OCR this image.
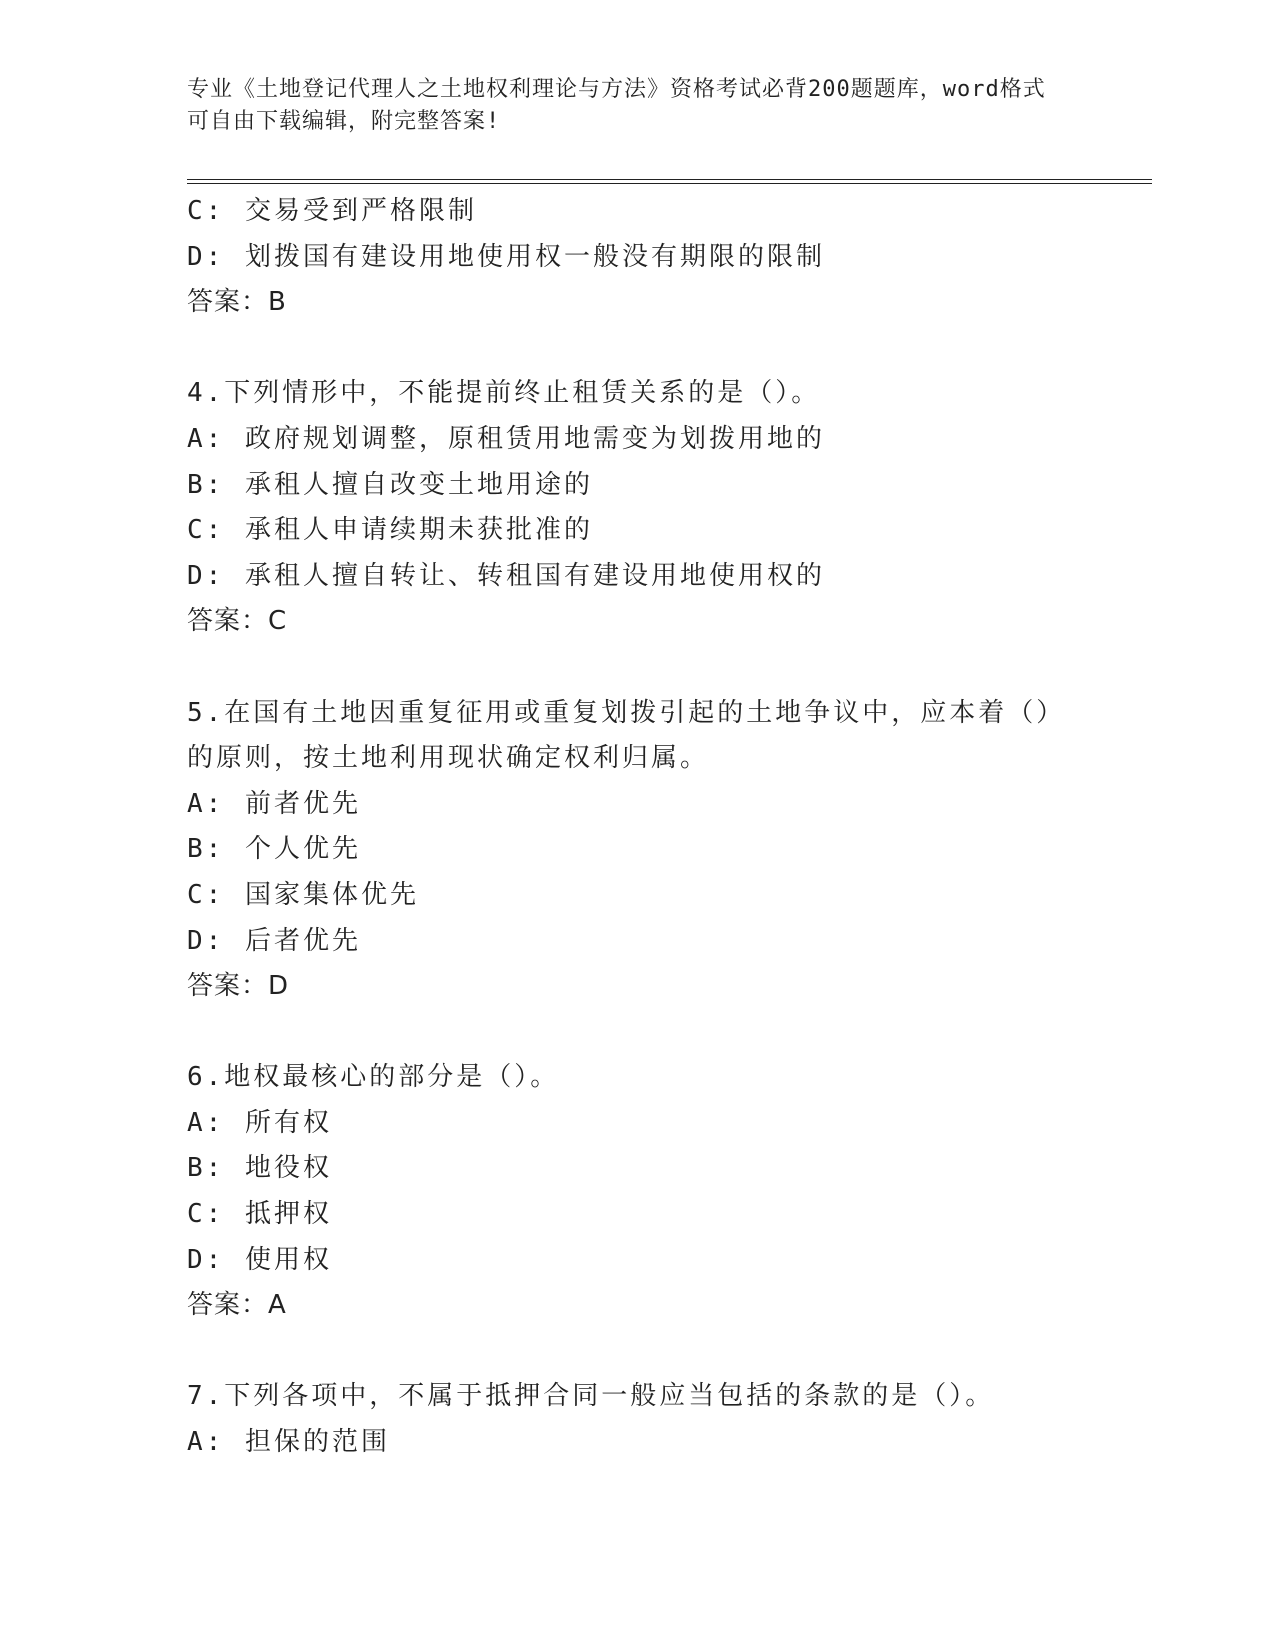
专业《土地登记代理人之土地权利理论与方法》资格考试必背200题题库，word格式可自由下载编辑，附完整答案!
C: 交易受到严格限制
D: 划拨国有建设用地使用权一般没有期限的限制
答案：B
4.下列情形中，不能提前终止租赁关系的是（）。
A: 政府规划调整，原租赁用地需变为划拨用地的
B: 承租人擅自改变土地用途的
C: 承租人申请续期未获批准的
D: 承租人擅自转让、转租国有建设用地使用权的
答案：C
5.在国有土地因重复征用或重复划拨引起的土地争议中，应本着（）的原则，按土地利用现状确定权利归属。
A: 前者优先
B: 个人优先
C: 国家集体优先
D: 后者优先
答案：D
6.地权最核心的部分是（）。
A: 所有权
B: 地役权
C: 抵押权
D: 使用权
答案：A
7.下列各项中，不属于抵押合同一般应当包括的条款的是（）。
A: 担保的范围
